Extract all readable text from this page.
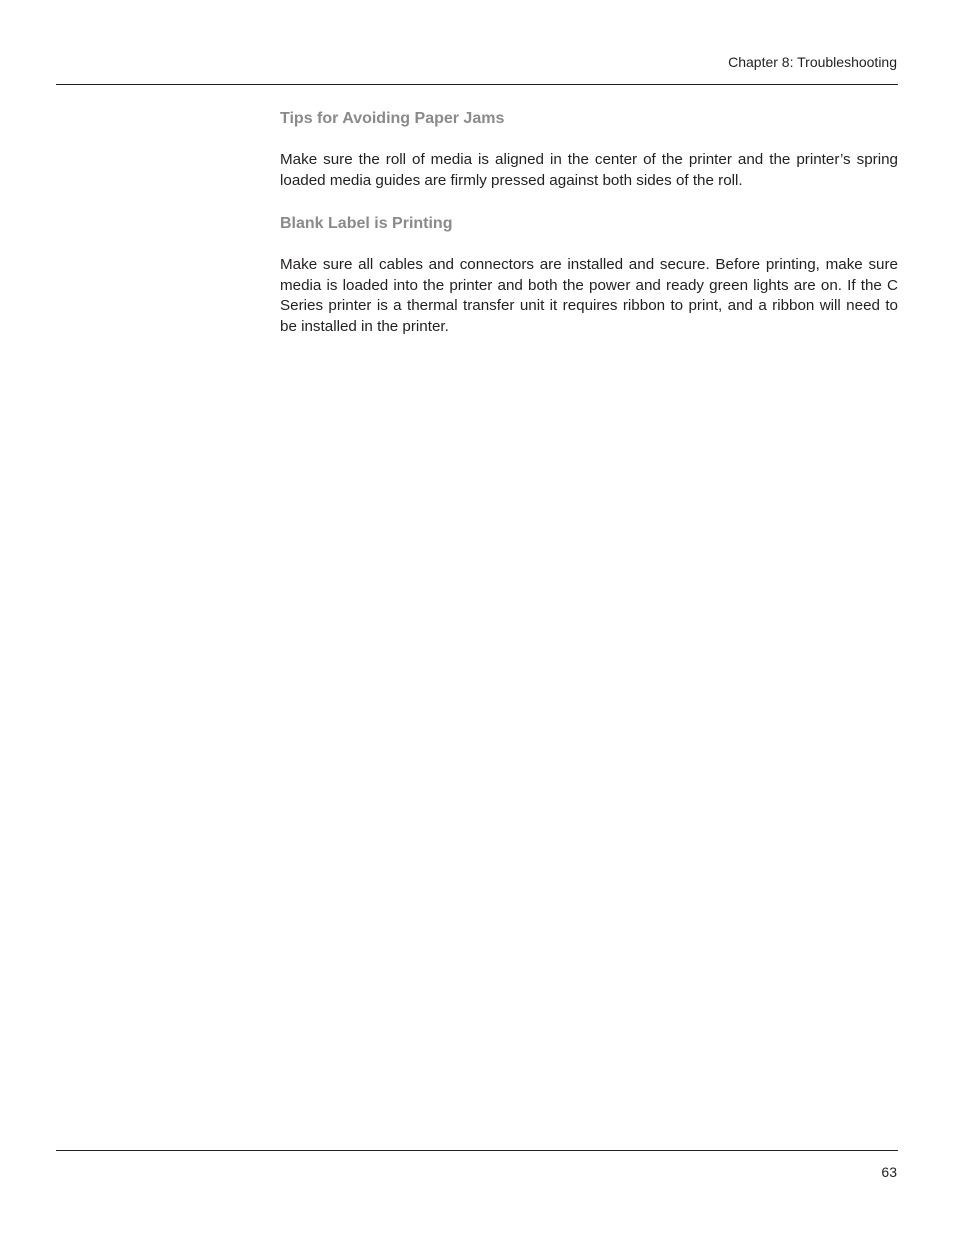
Chapter 8: Troubleshooting
Tips for Avoiding Paper Jams

Make sure the roll of media is aligned in the center of the printer and the printer’s spring loaded media guides are firmly pressed against both sides of the roll.

Blank Label is Printing

Make sure all cables and connectors are installed and secure. Before printing, make sure media is loaded into the printer and both the power and ready green lights are on. If the C Series printer is a thermal transfer unit it requires ribbon to print, and a ribbon will need to be installed in the printer.

63
